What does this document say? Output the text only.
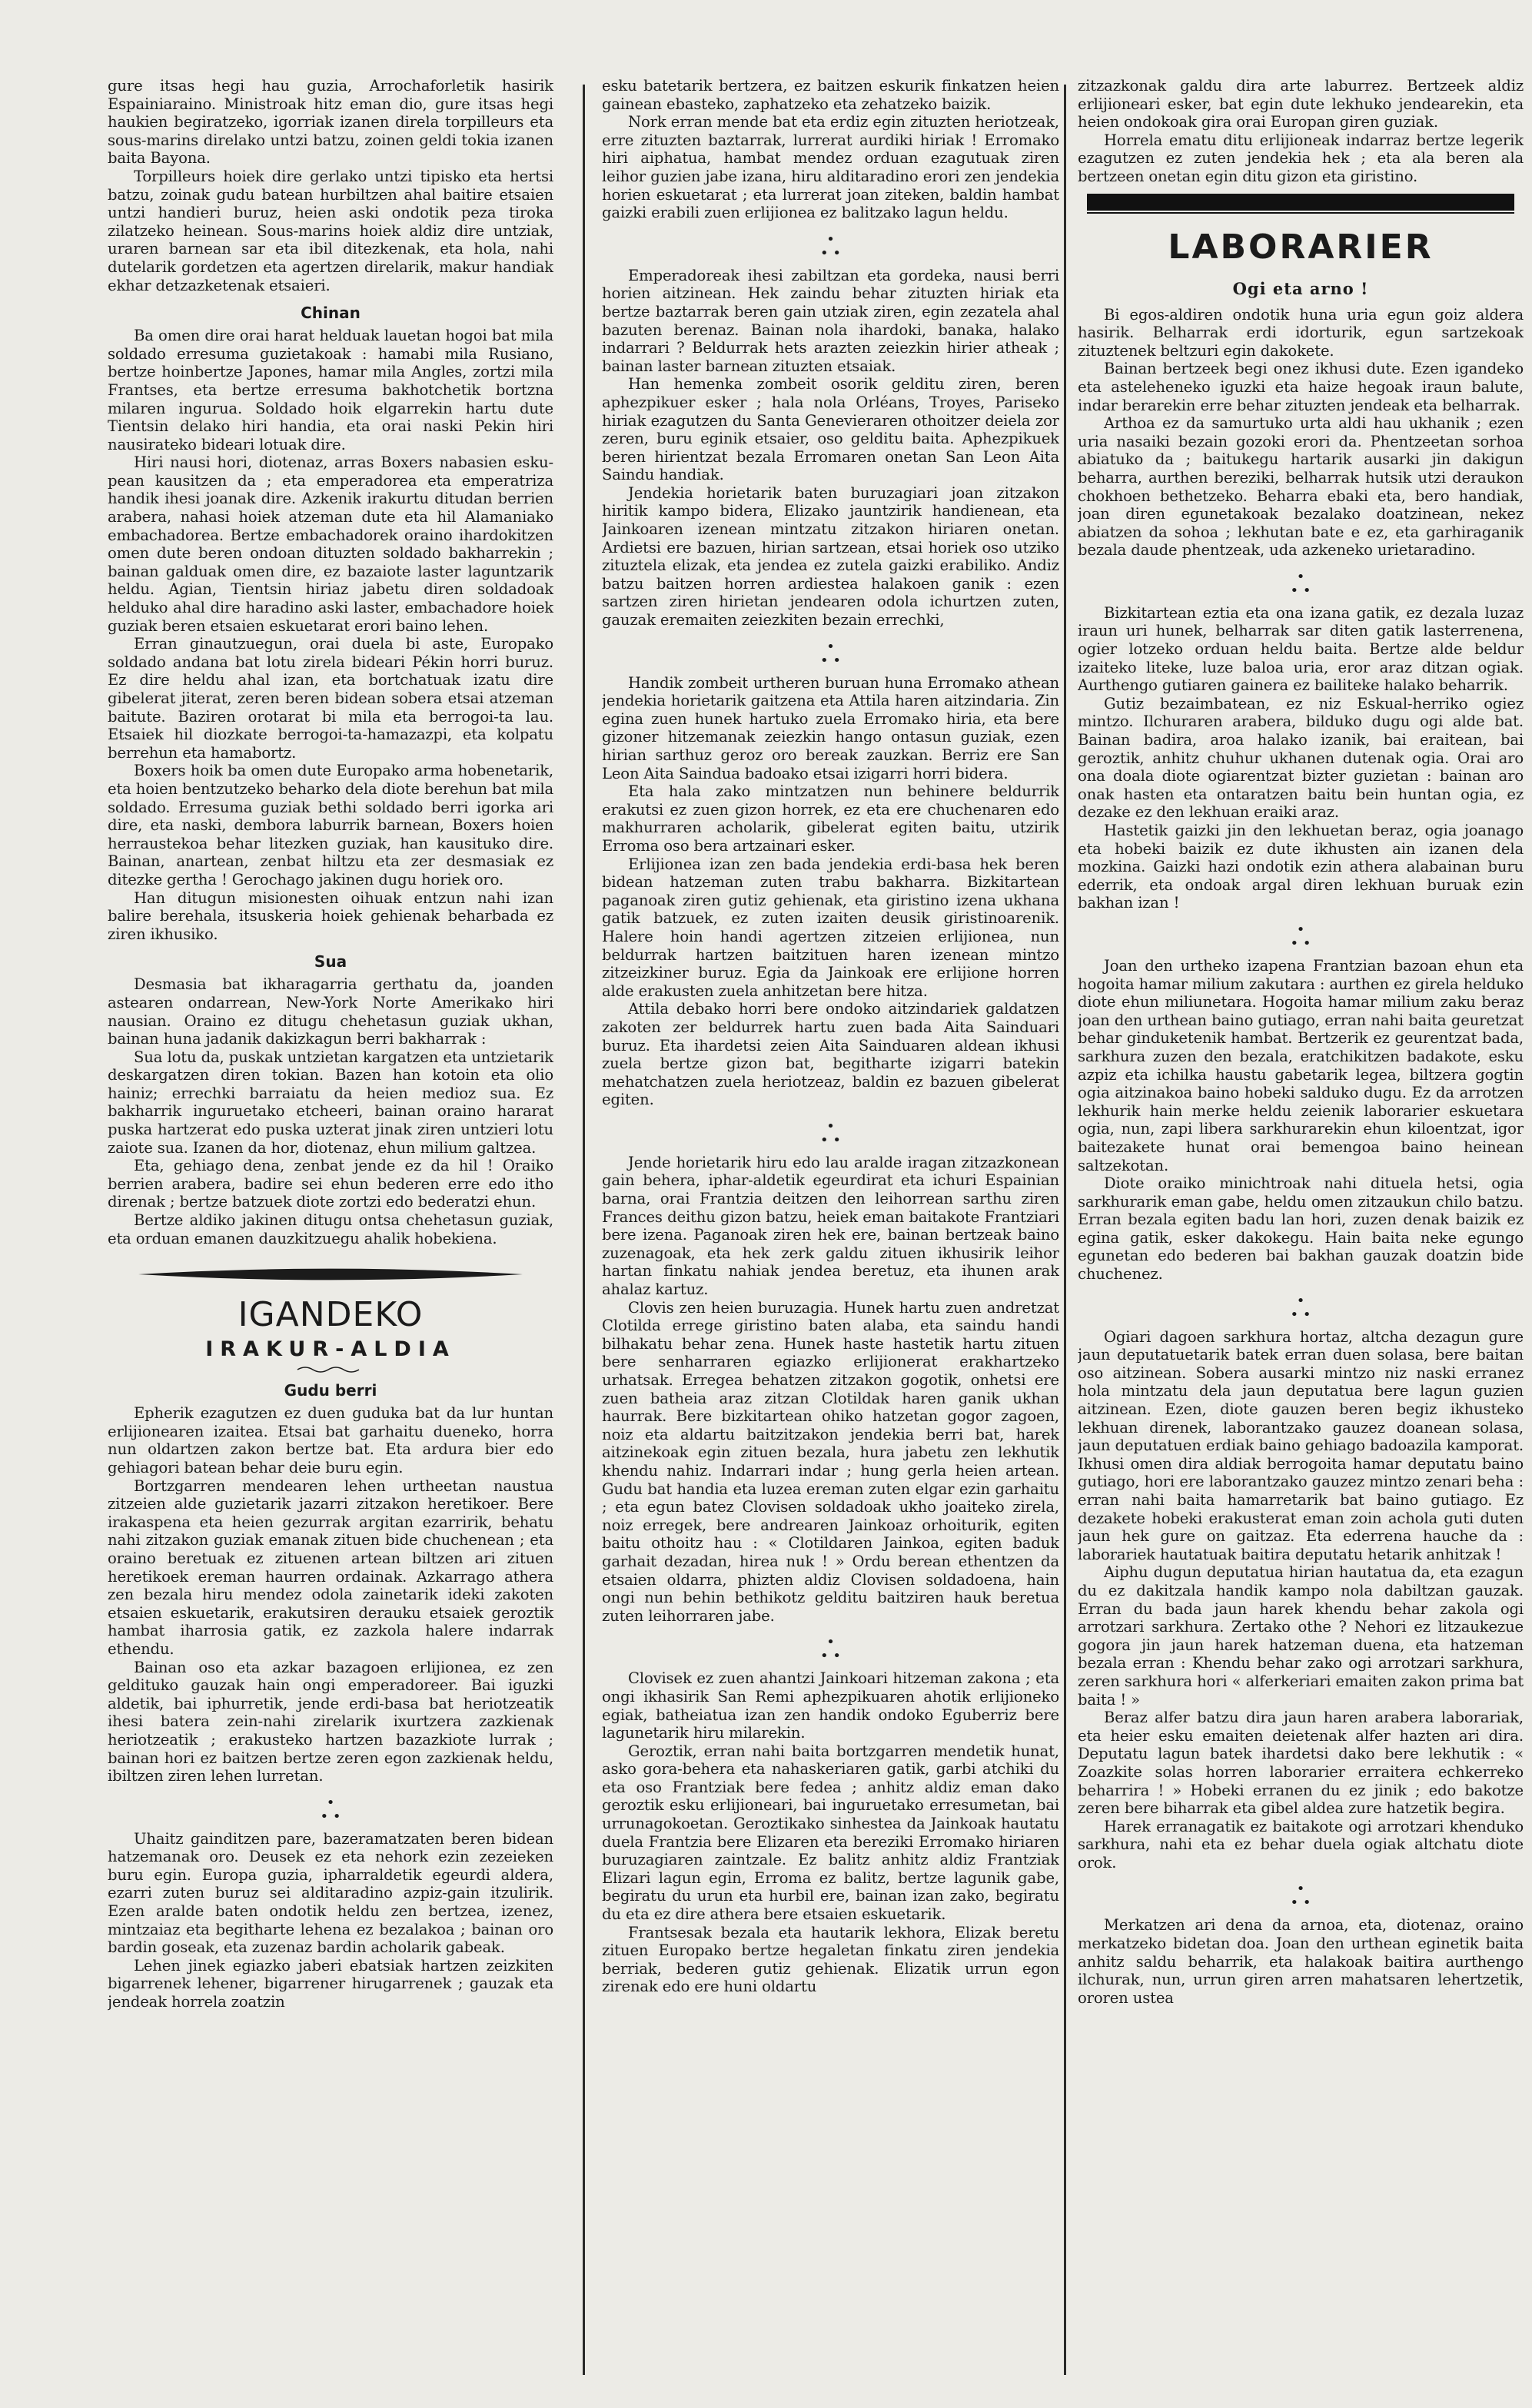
gure itsas hegi hau guzia, Arrochaforletik hasirik Espainiaraino. Ministroak hitz eman dio, gure itsas hegi haukien begiratzeko, igorriak izanen direla torpilleurs eta sous-marins direlako untzi batzu, zoinen geldi tokia izanen baita Bayona.

Torpilleurs hoiek dire gerlako untzi tipisko eta hertsi batzu, zoinak gudu batean hurbiltzen ahal baitire etsaien untzi handieri buruz, heien aski ondotik peza tiroka zilatzeko heinean. Sous-marins hoiek aldiz dire untziak, uraren barnean sar eta ibil ditezkenak, eta hola, nahi dutelarik gordetzen eta agertzen direlarik, makur handiak ekhar detzazketenak etsaieri.

Chinan

Ba omen dire orai harat helduak lauetan hogoi bat mila soldado erresuma guzietakoak : hamabi mila Rusiano, bertze hoinbertze Japones, hamar mila Angles, zortzi mila Frantses, eta bertze erresuma bakhotchetik bortzna milaren ingurua. Soldado hoik elgarrekin hartu dute Tientsin delako hiri handia, eta orai naski Pekin hiri nausirateko bideari lotuak dire.

Hiri nausi hori, diotenaz, arras Boxers nabasien esku-pean kausitzen da ; eta emperadorea eta emperatriza handik ihesi joanak dire. Azkenik irakurtu ditudan berrien arabera, nahasi hoiek atzeman dute eta hil Alamaniako embachadorea. Bertze embachadorek oraino ihardokitzen omen dute beren ondoan dituzten soldado bakharrekin ; bainan galduak omen dire, ez bazaiote laster laguntzarik heldu. Agian, Tientsin hiriaz jabetu diren soldadoak helduko ahal dire haradino aski laster, embachadore hoiek guziak beren etsaien eskuetarat erori baino lehen.

Erran ginautzuegun, orai duela bi aste, Europako soldado andana bat lotu zirela bideari Pékin horri buruz. Ez dire heldu ahal izan, eta bortchatuak izatu dire gibelerat jiterat, zeren beren bidean sobera etsai atzeman baitute. Baziren orotarat bi mila eta berrogoi-ta lau. Etsaiek hil diozkate berrogoi-ta-hamazazpi, eta kolpatu berrehun eta hamabortz.

Boxers hoik ba omen dute Europako arma hobenetarik, eta hoien bentzutzeko beharko dela diote berehun bat mila soldado. Erresuma guziak bethi soldado berri igorka ari dire, eta naski, dembora laburrik barnean, Boxers hoien herraustekoa behar litezken guziak, han kausituko dire. Bainan, anartean, zenbat hiltzu eta zer desmasiak ez ditezke gertha ! Gerochago jakinen dugu horiek oro.

Han ditugun misionesten oihuak entzun nahi izan balire berehala, itsuskeria hoiek gehienak beharbada ez ziren ikhusiko.

Sua

Desmasia bat ikharagarria gerthatu da, joanden astearen ondarrean, New-York Norte Amerikako hiri nausian. Oraino ez ditugu chehetasun guziak ukhan, bainan huna jadanik dakizkagun berri bakharrak :

Sua lotu da, puskak untzietan kargatzen eta untzietarik deskargatzen diren tokian. Bazen han kotoin eta olio hainiz; errechki barraiatu da heien medioz sua. Ez bakharrik inguruetako etcheeri, bainan oraino hararat puska hartzerat edo puska uzterat jinak ziren untzieri lotu zaiote sua. Izanen da hor, diotenaz, ehun milium galtzea.

Eta, gehiago dena, zenbat jende ez da hil ! Oraiko berrien arabera, badire sei ehun bederen erre edo itho direnak ; bertze batzuek diote zortzi edo bederatzi ehun.

Bertze aldiko jakinen ditugu ontsa chehetasun guziak, eta orduan emanen dauzkitzuegu ahalik hobekiena.

IGANDEKO
IRAKUR-ALDIA
Gudu berri

Epherik ezagutzen ez duen guduka bat da lur huntan erlijionearen izaitea. Etsai bat garhaitu dueneko, horra nun oldartzen zakon bertze bat. Eta ardura bier edo gehiagori batean behar deie buru egin.

Bortzgarren mendearen lehen urtheetan naustua zitzeien alde guzietarik jazarri zitzakon heretikoer. Bere irakaspena eta heien gezurrak argitan ezarririk, behatu nahi zitzakon guziak emanak zituen bide chuchenean ; eta oraino beretuak ez zituenen artean biltzen ari zituen heretikoek ereman haurren ordainak. Azkarrago athera zen bezala hiru mendez odola zainetarik ideki zakoten etsaien eskuetarik, erakutsiren derauku etsaiek geroztik hambat iharrosia gatik, ez zazkola halere indarrak ethendu.

Bainan oso eta azkar bazagoen erlijionea, ez zen geldituko gauzak hain ongi emperadoreer. Bai iguzki aldetik, bai iphurretik, jende erdi-basa bat heriotzeatik ihesi batera zein-nahi zirelarik ixurtzera zazkienak heriotzeatik ; erakusteko hartzen bazazkiote lurrak ; bainan hori ez baitzen bertze zeren egon zazkienak heldu, ibiltzen ziren lehen lurretan.

•
• •

Uhaitz gainditzen pare, bazeramatzaten beren bidean hatzemanak oro. Deusek ez eta nehork ezin zezeieken buru egin. Europa guzia, ipharraldetik egeurdi aldera, ezarri zuten buruz sei alditaradino azpiz-gain itzulirik. Ezen aralde baten ondotik heldu zen bertzea, izenez, mintzaiaz eta begitharte lehena ez bezalakoa ; bainan oro bardin goseak, eta zuzenaz bardin acholarik gabeak.

Lehen jinek egiazko jaberi ebatsiak hartzen zeizkiten bigarrenek lehener, bigarrener hirugarrenek ; gauzak eta jendeak horrela zoatzin

esku batetarik bertzera, ez baitzen eskurik finkatzen heien gainean ebasteko, zaphatzeko eta zehatzeko baizik.

Nork erran mende bat eta erdiz egin zituzten heriotzeak, erre zituzten baztarrak, lurrerat aurdiki hiriak ! Erromako hiri aiphatua, hambat mendez orduan ezagutuak ziren leihor guzien jabe izana, hiru alditaradino erori zen jendekia horien eskuetarat ; eta lurrerat joan ziteken, baldin hambat gaizki erabili zuen erlijionea ez balitzako lagun heldu.

•
• •

Emperadoreak ihesi zabiltzan eta gordeka, nausi berri horien aitzinean. Hek zaindu behar zituzten hiriak eta bertze baztarrak beren gain utziak ziren, egin zezatela ahal bazuten berenaz. Bainan nola ihardoki, banaka, halako indarrari ? Beldurrak hets arazten zeiezkin hirier atheak ; bainan laster barnean zituzten etsaiak.

Han hemenka zombeit osorik gelditu ziren, beren aphezpikuer esker ; hala nola Orléans, Troyes, Pariseko hiriak ezagutzen du Santa Genevieraren othoitzer deiela zor zeren, buru eginik etsaier, oso gelditu baita. Aphezpikuek beren hirientzat bezala Erromaren onetan San Leon Aita Saindu handiak.

Jendekia horietarik baten buruzagiari joan zitzakon hiritik kampo bidera, Elizako jauntzirik handienean, eta Jainkoaren izenean mintzatu zitzakon hiriaren onetan. Ardietsi ere bazuen, hirian sartzean, etsai horiek oso utziko zituztela elizak, eta jendea ez zutela gaizki erabiliko. Andiz batzu baitzen horren ardiestea halakoen ganik : ezen sartzen ziren hirietan jendearen odola ichurtzen zuten, gauzak eremaiten zeiezkiten bezain errechki,

•
• •

Handik zombeit urtheren buruan huna Erromako athean jendekia horietarik gaitzena eta Attila haren aitzindaria. Zin egina zuen hunek hartuko zuela Erromako hiria, eta bere gizoner hitzemanak zeiezkin hango ontasun guziak, ezen hirian sarthuz geroz oro bereak zauzkan. Berriz ere San Leon Aita Saindua badoako etsai izigarri horri bidera.

Eta hala zako mintzatzen nun behinere beldurrik erakutsi ez zuen gizon horrek, ez eta ere chuchenaren edo makhurraren acholarik, gibelerat egiten baitu, utzirik Erroma oso bera artzainari esker.

Erlijionea izan zen bada jendekia erdi-basa hek beren bidean hatzeman zuten trabu bakharra. Bizkitartean paganoak ziren gutiz gehienak, eta giristino izena ukhana gatik batzuek, ez zuten izaiten deusik giristinoarenik. Halere hoin handi agertzen zitzeien erlijionea, nun beldurrak hartzen baitzituen haren izenean mintzo zitzeizkiner buruz. Egia da Jainkoak ere erlijione horren alde erakusten zuela anhitzetan bere hitza.

Attila debako horri bere ondoko aitzindariek galdatzen zakoten zer beldurrek hartu zuen bada Aita Sainduari buruz. Eta ihardetsi zeien Aita Sainduaren aldean ikhusi zuela bertze gizon bat, begitharte izigarri batekin mehatchatzen zuela heriotzeaz, baldin ez bazuen gibelerat egiten.

•
• •

Jende horietarik hiru edo lau aralde iragan zitzazkonean gain behera, iphar-aldetik egeurdirat eta ichuri Espainian barna, orai Frantzia deitzen den leihorrean sarthu ziren Frances deithu gizon batzu, heiek eman baitakote Frantziari bere izena. Paganoak ziren hek ere, bainan bertzeak baino zuzenagoak, eta hek zerk galdu zituen ikhusirik leihor hartan finkatu nahiak jendea beretuz, eta ihunen arak ahalaz kartuz.

Clovis zen heien buruzagia. Hunek hartu zuen andretzat Clotilda errege giristino baten alaba, eta saindu handi bilhakatu behar zena. Hunek haste hastetik hartu zituen bere senharraren egiazko erlijionerat erakhartzeko urhatsak. Erregea behatzen zitzakon gogotik, onhetsi ere zuen batheia araz zitzan Clotildak haren ganik ukhan haurrak. Bere bizkitartean ohiko hatzetan gogor zagoen, noiz eta aldartu baitzitzakon jendekia berri bat, harek aitzinekoak egin zituen bezala, hura jabetu zen lekhutik khendu nahiz. Indarrari indar ; hung gerla heien artean. Gudu bat handia eta luzea ereman zuten elgar ezin garhaitu ; eta egun batez Clovisen soldadoak ukho joaiteko zirela, noiz erregek, bere andrearen Jainkoaz orhoiturik, egiten baitu othoitz hau : « Clotildaren Jainkoa, egiten baduk garhait dezadan, hirea nuk ! » Ordu berean ethentzen da etsaien oldarra, phizten aldiz Clovisen soldadoena, hain ongi nun behin bethikotz gelditu baitziren hauk beretua zuten leihorraren jabe.

•
• •

Clovisek ez zuen ahantzi Jainkoari hitzeman zakona ; eta ongi ikhasirik San Remi aphezpikuaren ahotik erlijioneko egiak, batheiatua izan zen handik ondoko Eguberriz bere lagunetarik hiru milarekin.

Geroztik, erran nahi baita bortzgarren mendetik hunat, asko gora-behera eta nahaskeriaren gatik, garbi atchiki du eta oso Frantziak bere fedea ; anhitz aldiz eman dako geroztik esku erlijioneari, bai inguruetako erresumetan, bai urrunagokoetan. Geroztikako sinhestea da Jainkoak hautatu duela Frantzia bere Elizaren eta bereziki Erromako hiriaren buruzagiaren zaintzale. Ez balitz anhitz aldiz Frantziak Elizari lagun egin, Erroma ez balitz, bertze lagunik gabe, begiratu du urun eta hurbil ere, bainan izan zako, begiratu du eta ez dire athera bere etsaien eskuetarik.

Frantsesak bezala eta hautarik lekhora, Elizak beretu zituen Europako bertze hegaletan finkatu ziren jendekia berriak, bederen gutiz gehienak. Elizatik urrun egon zirenak edo ere huni oldartu

zitzazkonak galdu dira arte laburrez. Bertzeek aldiz erlijioneari esker, bat egin dute lekhuko jendearekin, eta heien ondokoak gira orai Europan giren guziak.

Horrela ematu ditu erlijioneak indarraz bertze legerik ezagutzen ez zuten jendekia hek ; eta ala beren ala bertzeen onetan egin ditu gizon eta giristino.

LABORARIER
Ogi eta arno !

Bi egos-aldiren ondotik huna uria egun goiz aldera hasirik. Belharrak erdi idorturik, egun sartzekoak zituztenek beltzuri egin dakokete.

Bainan bertzeek begi onez ikhusi dute. Ezen igandeko eta asteleheneko iguzki eta haize hegoak iraun balute, indar berarekin erre behar zituzten jendeak eta belharrak.

Arthoa ez da samurtuko urta aldi hau ukhanik ; ezen uria nasaiki bezain gozoki erori da. Phentzeetan sorhoa abiatuko da ; baitukegu hartarik ausarki jin dakigun beharra, aurthen bereziki, belharrak hutsik utzi deraukon chokhoen bethetzeko. Beharra ebaki eta, bero handiak, joan diren egunetakoak bezalako doatzinean, nekez abiatzen da sohoa ; lekhutan bate e ez, eta garhiraganik bezala daude phentzeak, uda azkeneko urietaradino.

•
• •

Bizkitartean eztia eta ona izana gatik, ez dezala luzaz iraun uri hunek, belharrak sar diten gatik lasterrenena, ogier lotzeko orduan heldu baita. Bertze alde beldur izaiteko liteke, luze baloa uria, eror araz ditzan ogiak. Aurthengo gutiaren gainera ez bailiteke halako beharrik.

Gutiz bezaimbatean, ez niz Eskual-herriko ogiez mintzo. Ilchuraren arabera, bilduko dugu ogi alde bat. Bainan badira, aroa halako izanik, bai eraitean, bai geroztik, anhitz chuhur ukhanen dutenak ogia. Orai aro ona doala diote ogiarentzat bizter guzietan : bainan aro onak hasten eta ontaratzen baitu bein huntan ogia, ez dezake ez den lekhuan eraiki araz.

Hastetik gaizki jin den lekhuetan beraz, ogia joanago eta hobeki baizik ez dute ikhusten ain izanen dela mozkina. Gaizki hazi ondotik ezin athera alabainan buru ederrik, eta ondoak argal diren lekhuan buruak ezin bakhan izan !

•
• •

Joan den urtheko izapena Frantzian bazoan ehun eta hogoita hamar milium zakutara : aurthen ez girela helduko diote ehun miliunetara. Hogoita hamar milium zaku beraz joan den urthean baino gutiago, erran nahi baita geuretzat behar ginduketenik hambat. Bertzerik ez geurentzat bada, sarkhura zuzen den bezala, eratchikitzen badakote, esku azpiz eta ichilka haustu gabetarik legea, biltzera gogtin ogia aitzinakoa baino hobeki salduko dugu. Ez da arrotzen lekhurik hain merke heldu zeienik laborarier eskuetara ogia, nun, zapi libera sarkhurarekin ehun kiloentzat, igor baitezakete hunat orai bemengoa baino heinean saltzekotan.

Diote oraiko minichtroak nahi dituela hetsi, ogia sarkhurarik eman gabe, heldu omen zitzaukun chilo batzu. Erran bezala egiten badu lan hori, zuzen denak baizik ez egina gatik, esker dakokegu. Hain baita neke egungo egunetan edo bederen bai bakhan gauzak doatzin bide chuchenez.

•
• •

Ogiari dagoen sarkhura hortaz, altcha dezagun gure jaun deputatuetarik batek erran duen solasa, bere baitan oso aitzinean. Sobera ausarki mintzo niz naski erranez hola mintzatu dela jaun deputatua bere lagun guzien aitzinean. Ezen, diote gauzen beren begiz ikhusteko lekhuan direnek, laborantzako gauzez doanean solasa, jaun deputatuen erdiak baino gehiago badoazila kamporat. Ikhusi omen dira aldiak berrogoita hamar deputatu baino gutiago, hori ere laborantzako gauzez mintzo zenari beha : erran nahi baita hamarretarik bat baino gutiago. Ez dezakete hobeki erakusterat eman zoin achola guti duten jaun hek gure on gaitzaz. Eta ederrena hauche da : laborariek hautatuak baitira deputatu hetarik anhitzak !

Aiphu dugun deputatua hirian hautatua da, eta ezagun du ez dakitzala handik kampo nola dabiltzan gauzak. Erran du bada jaun harek khendu behar zakola ogi arrotzari sarkhura. Zertako othe ? Nehori ez litzaukezue gogora jin jaun harek hatzeman duena, eta hatzeman bezala erran : Khendu behar zako ogi arrotzari sarkhura, zeren sarkhura hori « alferkeriari emaiten zakon prima bat baita ! »

Beraz alfer batzu dira jaun haren arabera laborariak, eta heier esku emaiten deietenak alfer hazten ari dira. Deputatu lagun batek ihardetsi dako bere lekhutik : « Zoazkite solas horren laborarier erraitera echkerreko beharrira ! » Hobeki erranen du ez jinik ; edo bakotze zeren bere biharrak eta gibel aldea zure hatzetik begira.

Harek erranagatik ez baitakote ogi arrotzari khenduko sarkhura, nahi eta ez behar duela ogiak altchatu diote orok.

•
• •

Merkatzen ari dena da arnoa, eta, diotenaz, oraino merkatzeko bidetan doa. Joan den urthean eginetik baita anhitz saldu beharrik, eta halakoak baitira aurthengo ilchurak, nun, urrun giren arren mahatsaren lehertzetik, ororen ustea
